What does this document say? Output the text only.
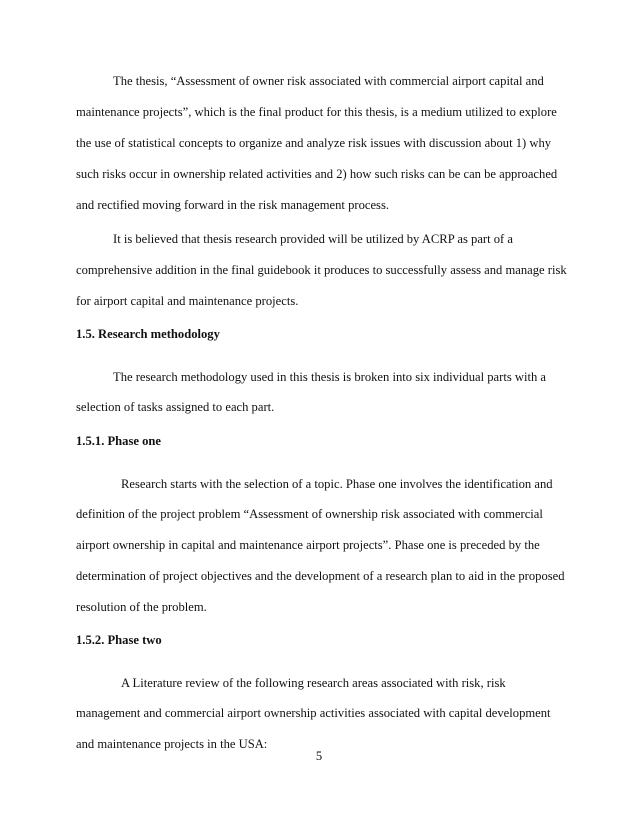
The thesis, “Assessment of owner risk associated with commercial airport capital and

maintenance projects”, which is the final product for this thesis, is a medium utilized to explore

the use of statistical concepts to organize and analyze risk issues with discussion about 1) why

such risks occur in ownership related activities and 2) how such risks can be can be approached

and rectified moving forward in the risk management process.

It is believed that thesis research provided will be utilized by ACRP as part of a

comprehensive addition in the final guidebook it produces to successfully assess and manage risk

for airport capital and maintenance projects.

1.5. Research methodology

The research methodology used in this thesis is broken into six individual parts with a

selection of tasks assigned to each part.

1.5.1. Phase one

Research starts with the selection of a topic. Phase one involves the identification and

definition of the project problem “Assessment of ownership risk associated with commercial

airport ownership in capital and maintenance airport projects”. Phase one is preceded by the

determination of project objectives and the development of a research plan to aid in the proposed

resolution of the problem.

1.5.2. Phase two

A Literature review of the following research areas associated with risk, risk

management and commercial airport ownership activities associated with capital development

and maintenance projects in the USA:

5
